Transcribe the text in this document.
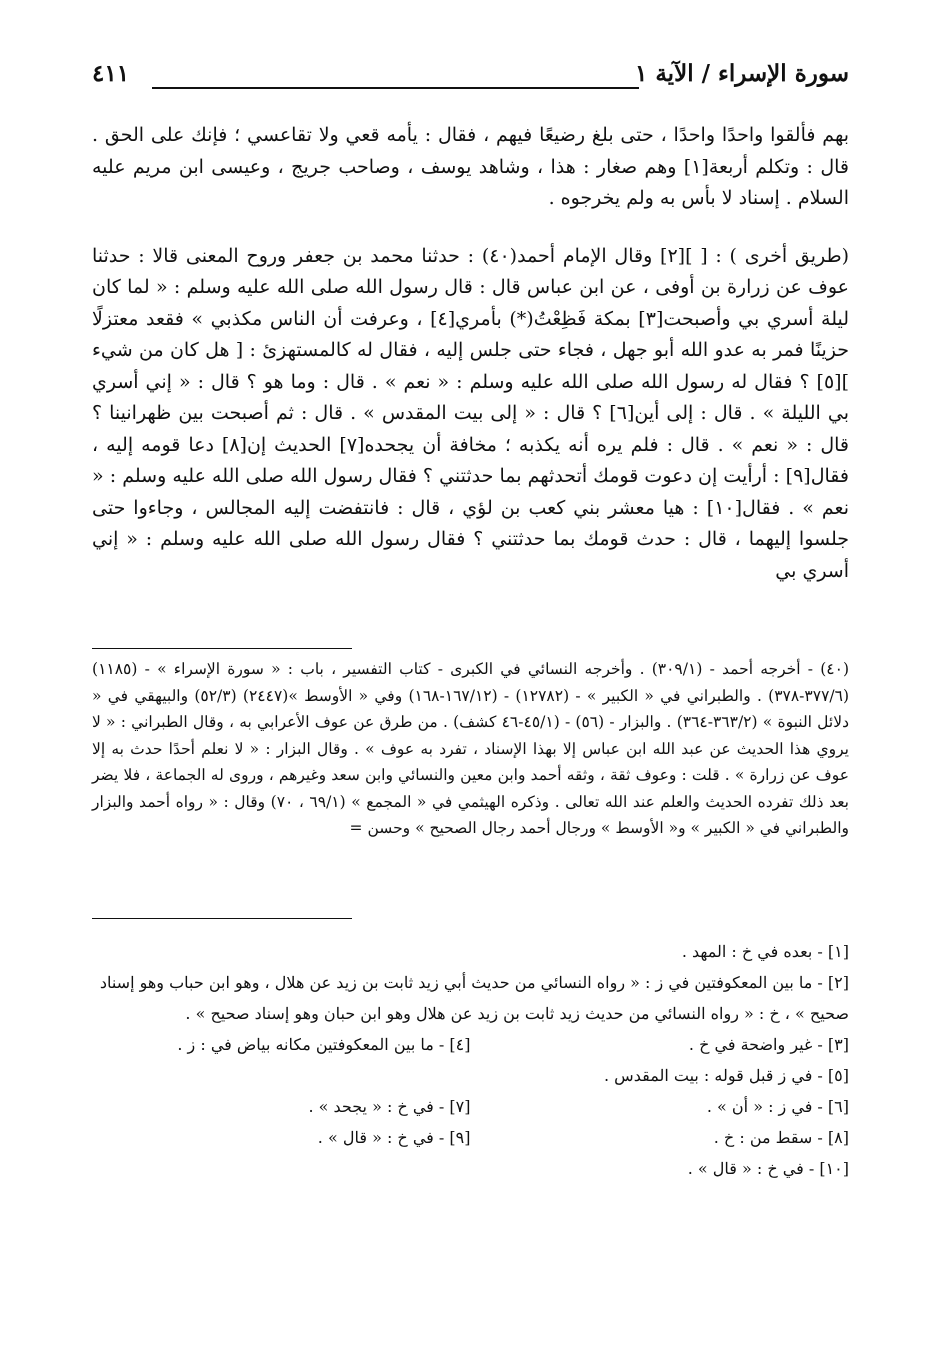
سورة الإسراء / الآية ١
٤١١

بهم فألقوا واحدًا واحدًا ، حتى بلغ رضيعًا فيهم ، فقال : يأمه قعي ولا تقاعسي ؛ فإنك على الحق . قال : وتكلم أربعة[١] وهم صغار : هذا ، وشاهد يوسف ، وصاحب جريج ، وعيسى ابن مريم عليه السلام . إسناد لا بأس به ولم يخرجوه .

(طريق أخرى ) : [ ][٢] وقال الإمام أحمد(٤٠) : حدثنا محمد بن جعفر وروح المعنى قالا : حدثنا عوف عن زرارة بن أوفى ، عن ابن عباس قال : قال رسول الله صلى الله عليه وسلم : « لما كان ليلة أسري بي وأصبحت[٣] بمكة فَظِعْتُ(*) بأمري[٤] ، وعرفت أن الناس مكذبي » فقعد معتزلًا حزينًا فمر به عدو الله أبو جهل ، فجاء حتى جلس إليه ، فقال له كالمستهزئ : [ هل كان من شيء ][٥] ؟ فقال له رسول الله صلى الله عليه وسلم : « نعم » . قال : وما هو ؟ قال : « إني أسري بي الليلة » . قال : إلى أين[٦] ؟ قال : « إلى بيت المقدس » . قال : ثم أصبحت بين ظهرانينا ؟ قال : « نعم » . قال : فلم يره أنه يكذبه ؛ مخافة أن يجحده[٧] الحديث إن[٨] دعا قومه إليه ، فقال[٩] : أرأيت إن دعوت قومك أتحدثهم بما حدثتني ؟ فقال رسول الله صلى الله عليه وسلم : « نعم » . فقال[١٠] : هيا معشر بني كعب بن لؤي ، قال : فانتفضت إليه المجالس ، وجاءوا حتى جلسوا إليهما ، قال : حدث قومك بما حدثتني ؟ فقال رسول الله صلى الله عليه وسلم : « إني أسري بي

(٤٠) - أخرجه أحمد - (٣٠٩/١) . وأخرجه النسائي في الكبرى - كتاب التفسير ، باب : « سورة الإسراء » - (١١٨٥) (٣٧٧/٦-٣٧٨) . والطبراني في « الكبير » - (١٢٧٨٢) - (١٦٧/١٢-١٦٨) وفي « الأوسط »(٢٤٤٧) (٥٢/٣) والبيهقي في « دلائل النبوة » (٣٦٣/٢-٣٦٤) . والبزار - (٥٦) - (٤٥/١-٤٦ كشف) . من طرق عن عوف الأعرابي به ، وقال الطبراني : « لا يروي هذا الحديث عن عبد الله ابن عباس إلا بهذا الإسناد ، تفرد به عوف » . وقال البزار : « لا نعلم أحدًا حدث به إلا عوف عن زرارة » . قلت : وعوف ثقة ، وثقه أحمد وابن معين والنسائي وابن سعد وغيرهم ، وروى له الجماعة ، فلا يضر بعد ذلك تفرده الحديث والعلم عند الله تعالى . وذكره الهيثمي في « المجمع » (٦٩/١ ، ٧٠) وقال : « رواه أحمد والبزار والطبراني في « الكبير » و« الأوسط » ورجال أحمد رجال الصحيح » وحسن =

[١] - بعده في خ : المهد .
[٢] - ما بين المعكوفتين في ز : « رواه النسائي من حديث أبي زيد ثابت بن زيد عن هلال ، وهو ابن حباب وهو إسناد صحيح » ، خ : « رواه النسائي من حديث زيد ثابت بن زيد عن هلال وهو ابن حبان وهو إسناد صحيح » .
[٣] - غير واضحة في خ .
[٤] - ما بين المعكوفتين مكانه بياض في : ز .
[٥] - في ز قبل قوله : بيت المقدس .
[٦] - في ز : « أن » .
[٧] - في خ : « يجحد » .
[٨] - سقط من : خ .
[٩] - في خ : « قال » .
[١٠] - في خ : « قال » .
